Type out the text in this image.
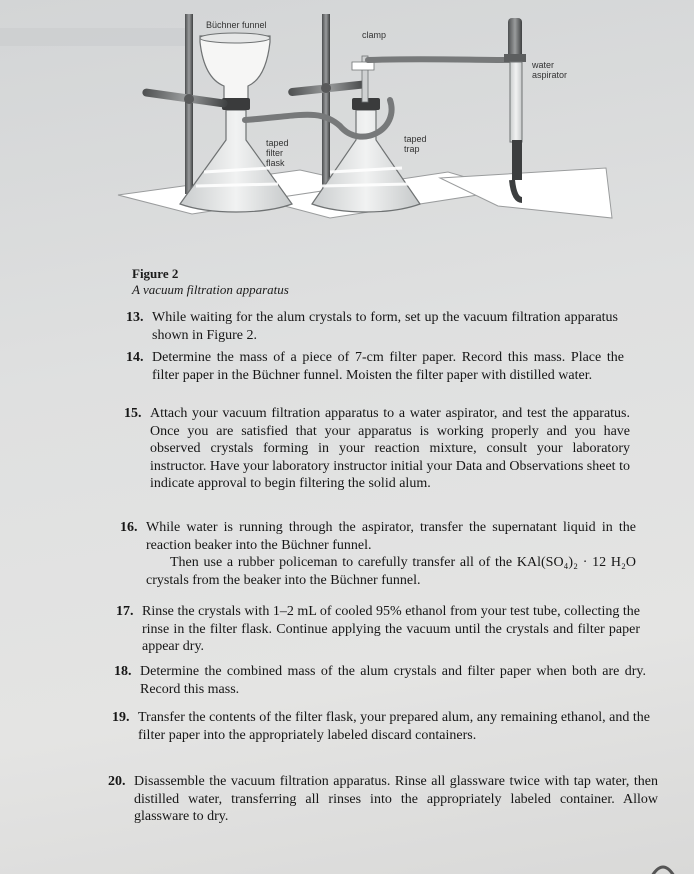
Büchner funnel
clamp
water
aspirator
taped
filter
flask
taped
trap
Figure 2
A vacuum filtration apparatus
13. While waiting for the alum crystals to form, set up the vacuum filtration apparatus shown in Figure 2.

14. Determine the mass of a piece of 7-cm filter paper. Record this mass. Place the filter paper in the Büchner funnel. Moisten the filter paper with distilled water.

15. Attach your vacuum filtration apparatus to a water aspirator, and test the apparatus. Once you are satisfied that your apparatus is working properly and you have observed crystals forming in your reaction mixture, consult your laboratory instructor. Have your laboratory instructor initial your Data and Observations sheet to indicate approval to begin filtering the solid alum.

16. While water is running through the aspirator, transfer the supernatant liquid in the reaction beaker into the Büchner funnel.

Then use a rubber policeman to carefully transfer all of the KAl(SO₄)₂ · 12 H₂O crystals from the beaker into the Büchner funnel.

17. Rinse the crystals with 1–2 mL of cooled 95% ethanol from your test tube, collecting the rinse in the filter flask. Continue applying the vacuum until the crystals and filter paper appear dry.

18. Determine the combined mass of the alum crystals and filter paper when both are dry. Record this mass.

19. Transfer the contents of the filter flask, your prepared alum, any remaining ethanol, and the filter paper into the appropriately labeled discard containers.

20. Disassemble the vacuum filtration apparatus. Rinse all glassware twice with tap water, then distilled water, transferring all rinses into the appropriately labeled container. Allow glassware to dry.
